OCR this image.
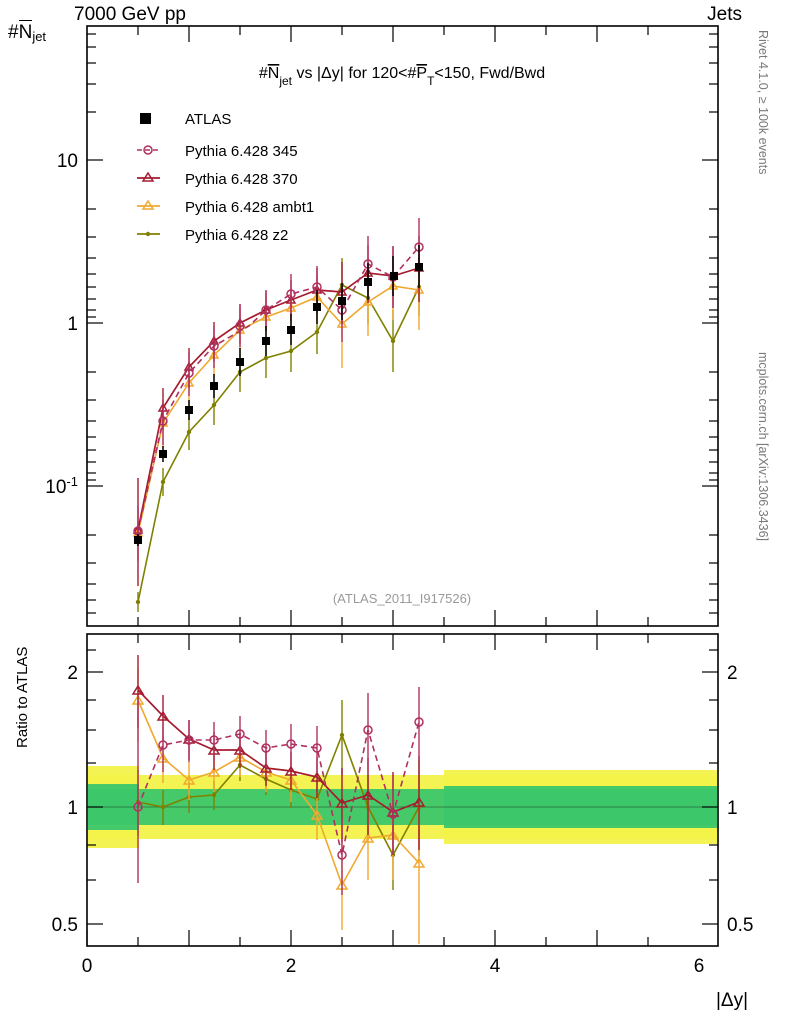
7000 GeV pp	Jets
#Njet
Ratio to ATLAS
|Δy|
Rivet 4.1.0, ≥ 100k events
mcplots.cern.ch [arXiv:1306.3436]
10
1
$10^{-1}$
$\#N_{jet}$ vs |Δy| for $120<\#P_T<150$, Fwd/Bwd
(ATLAS_2011_I917526)
ATLAS
Pythia 6.428 345
Pythia 6.428 370
Pythia 6.428 ambt1
Pythia 6.428 z2
2
1
0.5
2
1
0.5
0	2	4	6
